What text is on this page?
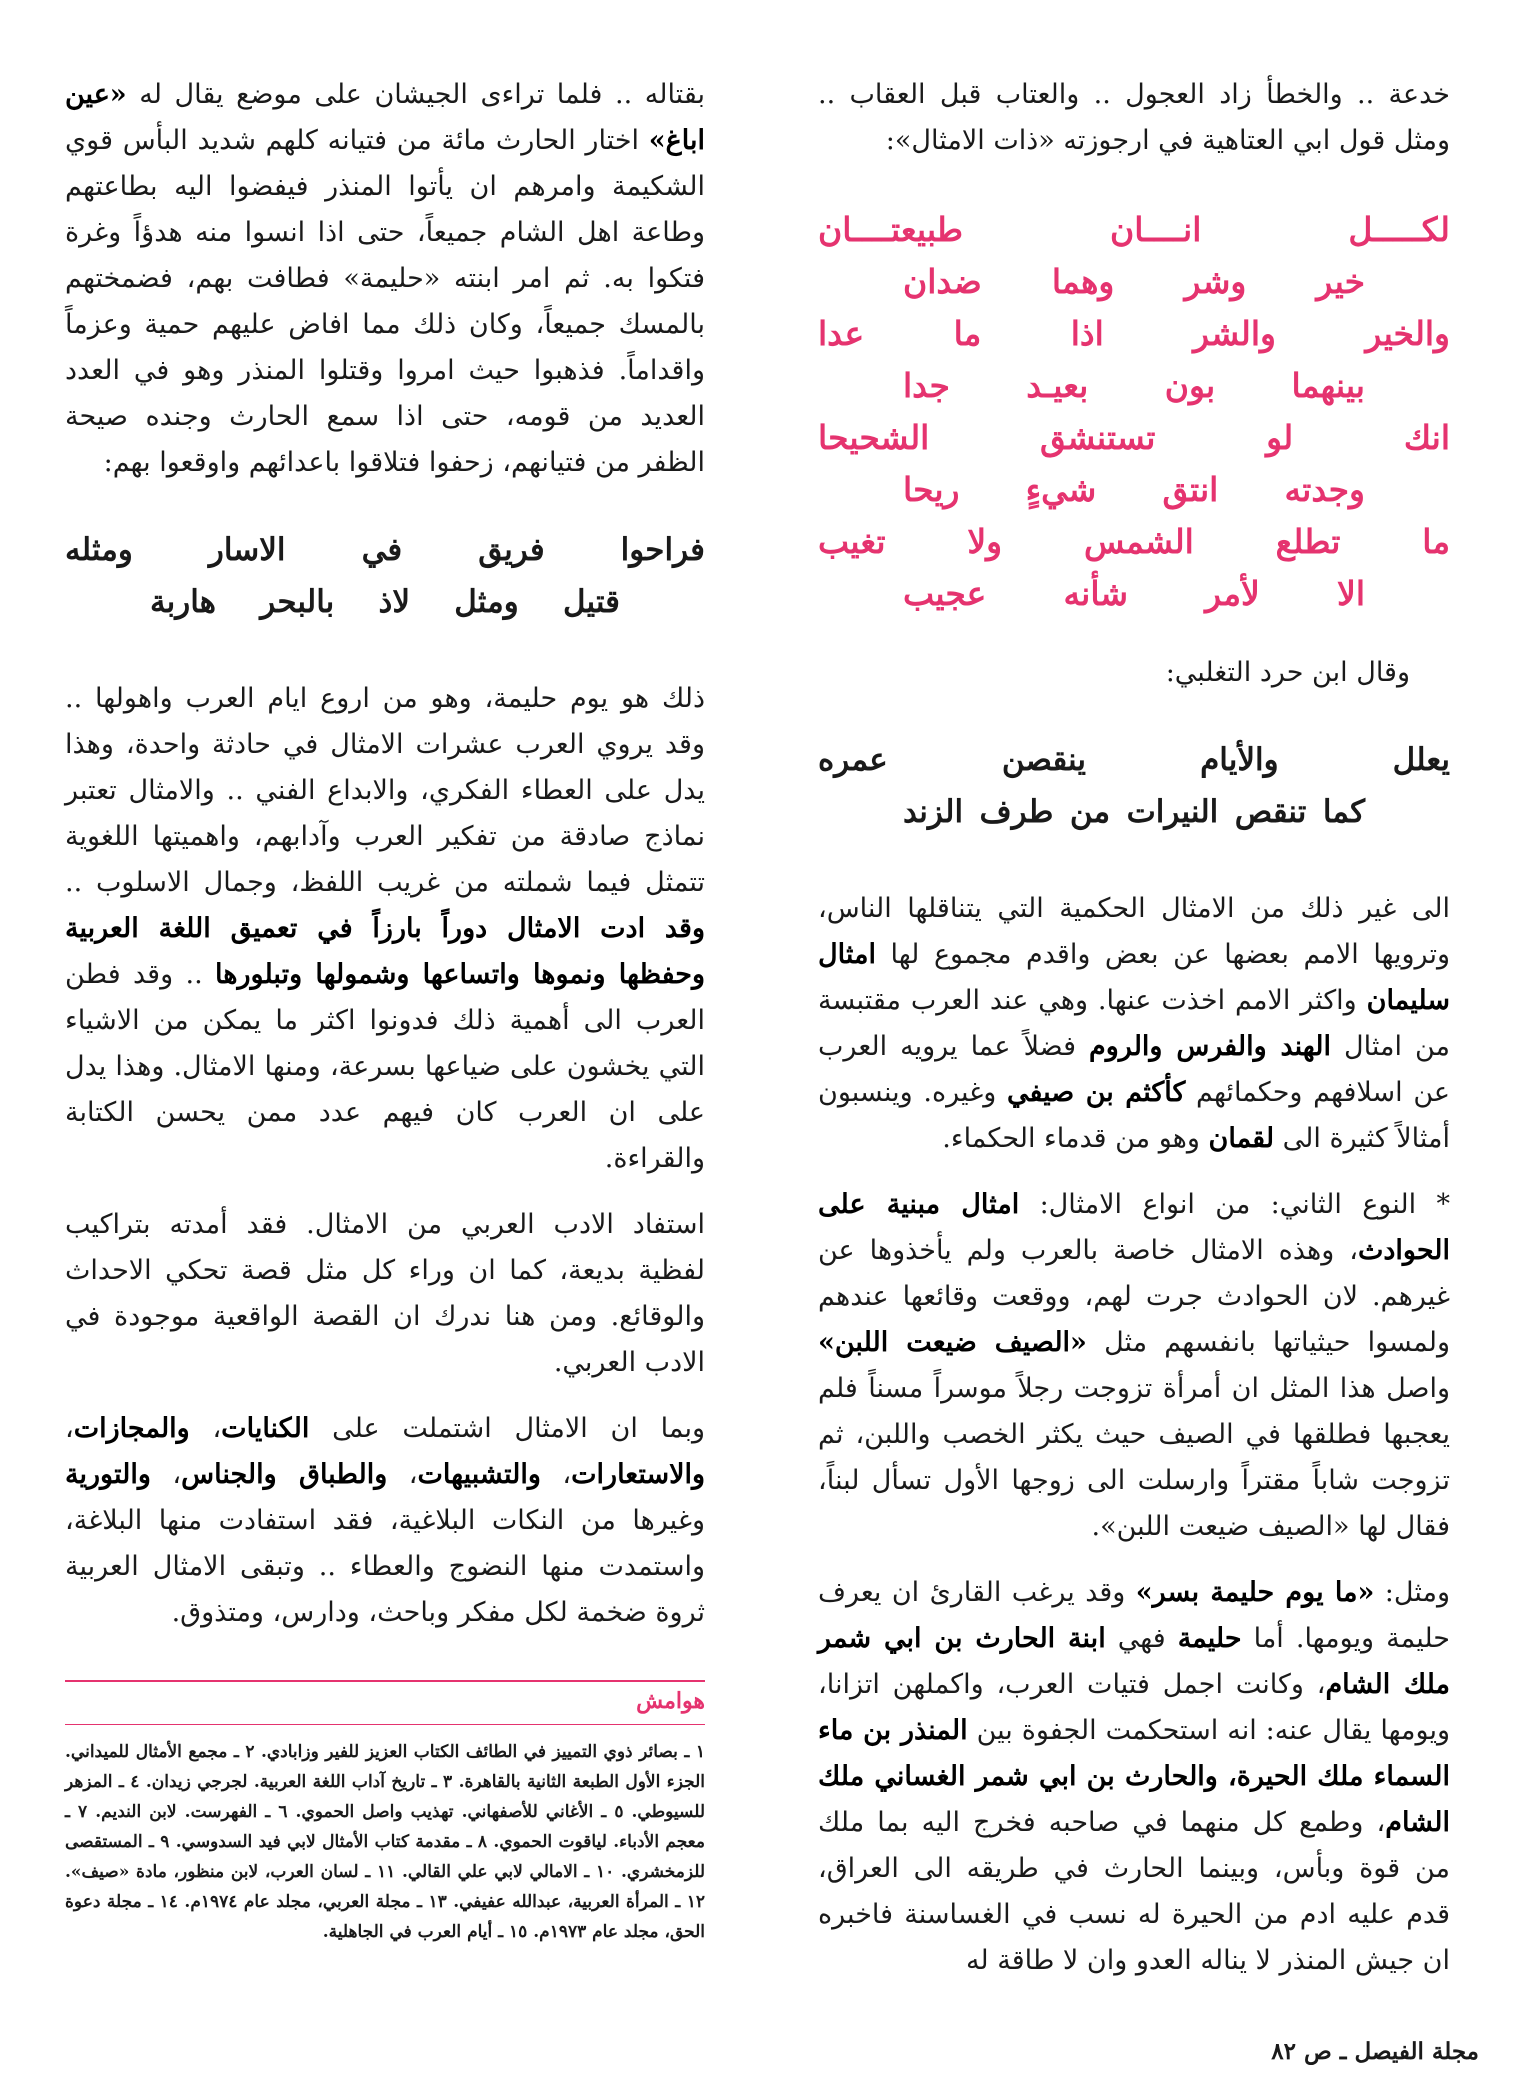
خدعة .. والخطأ زاد العجول .. والعتاب قبل العقاب .. ومثل قول ابي العتاهية في ارجوزته «ذات الامثال»:

لكـــــل
انــــان
طبيعتــــان
خير
وشر
وهما
ضدان
والخير
والشر
اذا
ما
عدا
بينهما
بون
بعيـد
جدا
انك
لو
تستنشق
الشحيحا
وجدته
انتق
شيءٍ
ريحا
ما
تطلع
الشمس
ولا
تغيب
الا
لأمر
شأنه
عجيب

وقال ابن حرد التغلبي:

يعلل
والأيام
ينقصن
عمره
كما
تنقص
النيرات
من
طرف
الزند

الى غير ذلك من الامثال الحكمية التي يتناقلها الناس، وترويها الامم بعضها عن بعض واقدم مجموع لها امثال سليمان واكثر الامم اخذت عنها. وهي عند العرب مقتبسة من امثال الهند والفرس والروم فضلاً عما يرويه العرب عن اسلافهم وحكمائهم كأكثم بن صيفي وغيره. وينسبون أمثالاً كثيرة الى لقمان وهو من قدماء الحكماء.

* النوع الثاني: من انواع الامثال: امثال مبنية على الحوادث، وهذه الامثال خاصة بالعرب ولم يأخذوها عن غيرهم. لان الحوادث جرت لهم، ووقعت وقائعها عندهم ولمسوا حيثياتها بانفسهم مثل «الصيف ضيعت اللبن» واصل هذا المثل ان أمرأة تزوجت رجلاً موسراً مسناً فلم يعجبها فطلقها في الصيف حيث يكثر الخصب واللبن، ثم تزوجت شاباً مقتراً وارسلت الى زوجها الأول تسأل لبناً، فقال لها «الصيف ضيعت اللبن».

ومثل: «ما يوم حليمة بسر» وقد يرغب القارئ ان يعرف حليمة ويومها. أما حليمة فهي ابنة الحارث بن ابي شمر ملك الشام، وكانت اجمل فتيات العرب، واكملهن اتزانا، ويومها يقال عنه: انه استحكمت الجفوة بين المنذر بن ماء السماء ملك الحيرة، والحارث بن ابي شمر الغساني ملك الشام، وطمع كل منهما في صاحبه فخرج اليه بما ملك من قوة وبأس، وبينما الحارث في طريقه الى العراق، قدم عليه ادم من الحيرة له نسب في الغساسنة فاخبره ان جيش المنذر لا يناله العدو وان لا طاقة له

بقتاله .. فلما تراءى الجيشان على موضع يقال له «عين اباغ» اختار الحارث مائة من فتيانه كلهم شديد البأس قوي الشكيمة وامرهم ان يأتوا المنذر فيفضوا اليه بطاعتهم وطاعة اهل الشام جميعاً، حتى اذا انسوا منه هدؤاً وغرة فتكوا به. ثم امر ابنته «حليمة» فطافت بهم، فضمختهم بالمسك جميعاً، وكان ذلك مما افاض عليهم حمية وعزماً واقداماً. فذهبوا حيث امروا وقتلوا المنذر وهو في العدد العديد من قومه، حتى اذا سمع الحارث وجنده صيحة الظفر من فتيانهم، زحفوا فتلاقوا باعدائهم واوقعوا بهم:

فراحوا
فريق
في
الاسار
ومثله
قتيل
ومثل
لاذ
بالبحر
هاربة

ذلك هو يوم حليمة، وهو من اروع ايام العرب واهولها .. وقد يروي العرب عشرات الامثال في حادثة واحدة، وهذا يدل على العطاء الفكري، والابداع الفني .. والامثال تعتبر نماذج صادقة من تفكير العرب وآدابهم، واهميتها اللغوية تتمثل فيما شملته من غريب اللفظ، وجمال الاسلوب .. وقد ادت الامثال دوراً بارزاً في تعميق اللغة العربية وحفظها ونموها واتساعها وشمولها وتبلورها .. وقد فطن العرب الى أهمية ذلك فدونوا اكثر ما يمكن من الاشياء التي يخشون على ضياعها بسرعة، ومنها الامثال. وهذا يدل على ان العرب كان فيهم عدد ممن يحسن الكتابة والقراءة.

استفاد الادب العربي من الامثال. فقد أمدته بتراكيب لفظية بديعة، كما ان وراء كل مثل قصة تحكي الاحداث والوقائع. ومن هنا ندرك ان القصة الواقعية موجودة في الادب العربي.

وبما ان الامثال اشتملت على الكنايات، والمجازات، والاستعارات، والتشبيهات، والطباق والجناس، والتورية وغيرها من النكات البلاغية، فقد استفادت منها البلاغة، واستمدت منها النضوج والعطاء .. وتبقى الامثال العربية ثروة ضخمة لكل مفكر وباحث، ودارس، ومتذوق.

هوامش

١ ـ بصائر ذوي التمييز في الطائف الكتاب العزيز للفير وزابادي. ٢ ـ مجمع الأمثال للميداني. الجزء الأول الطبعة الثانية بالقاهرة. ٣ ـ تاريخ آداب اللغة العربية. لجرجي زيدان. ٤ ـ المزهر للسيوطي. ٥ ـ الأغاني للأصفهاني. تهذيب واصل الحموي. ٦ ـ الفهرست. لابن النديم. ٧ ـ معجم الأدباء. لياقوت الحموي. ٨ ـ مقدمة كتاب الأمثال لابي فيد السدوسي. ٩ ـ المستقصى للزمخشري. ١٠ ـ الامالي لابي علي القالي. ١١ ـ لسان العرب، لابن منظور، مادة «صيف». ١٢ ـ المرأة العربية، عبدالله عفيفي. ١٣ ـ مجلة العربي، مجلد عام ١٩٧٤م. ١٤ ـ مجلة دعوة الحق، مجلد عام ١٩٧٣م. ١٥ ـ أيام العرب في الجاهلية.

مجلة الفيصل ـ ص ٨٢
